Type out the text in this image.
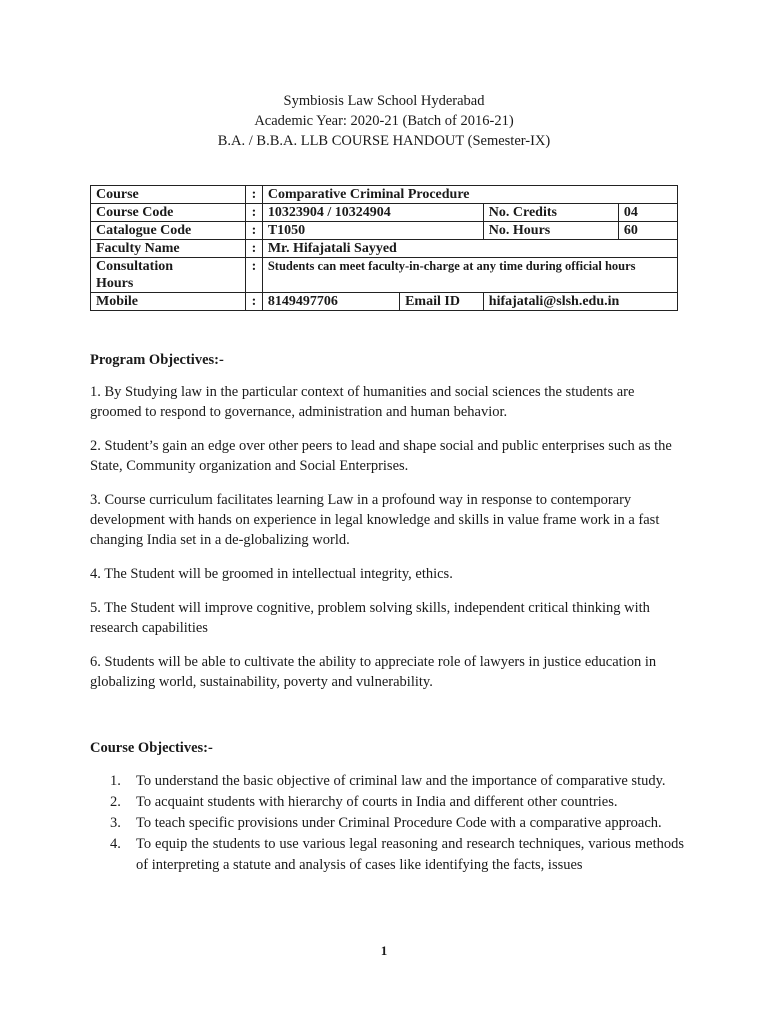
Symbiosis Law School Hyderabad
Academic Year: 2020-21 (Batch of 2016-21)
B.A. / B.B.A. LLB COURSE HANDOUT (Semester-IX)
Course	:	Comparative Criminal Procedure			
Course Code	:	10323904 / 10324904		No. Credits	04
Catalogue Code	:	T1050		No. Hours	60
Faculty Name	:	Mr. Hifajatali Sayyed			

Consultation
Hours	:	Students can meet faculty-in-charge at any time during official hours			
Mobile	:	8149497706	Email ID	hifajatali@slsh.edu.in	

Program Objectives:-

1. By Studying law in the particular context of humanities and social sciences the students are groomed to respond to governance, administration and human behavior.

2. Student’s gain an edge over other peers to lead and shape social and public enterprises such as the State, Community organization and Social Enterprises.

3. Course curriculum facilitates learning Law in a profound way in response to contemporary development with hands on experience in legal knowledge and skills in value frame work in a fast changing India set in a de-globalizing world.

4. The Student will be groomed in intellectual integrity, ethics.

5. The Student will improve cognitive, problem solving skills, independent critical thinking with research capabilities

6. Students will be able to cultivate the ability to appreciate role of lawyers in justice education in globalizing world, sustainability, poverty and vulnerability.

Course Objectives:-

1.	To understand the basic objective of criminal law and the importance of comparative study.
2.	To acquaint students with hierarchy of courts in India and different other countries.
3.	To teach specific provisions under Criminal Procedure Code with a comparative approach.
4.	To equip the students to use various legal reasoning and research techniques, various methods of interpreting a statute and analysis of cases like identifying the facts, issues
1
